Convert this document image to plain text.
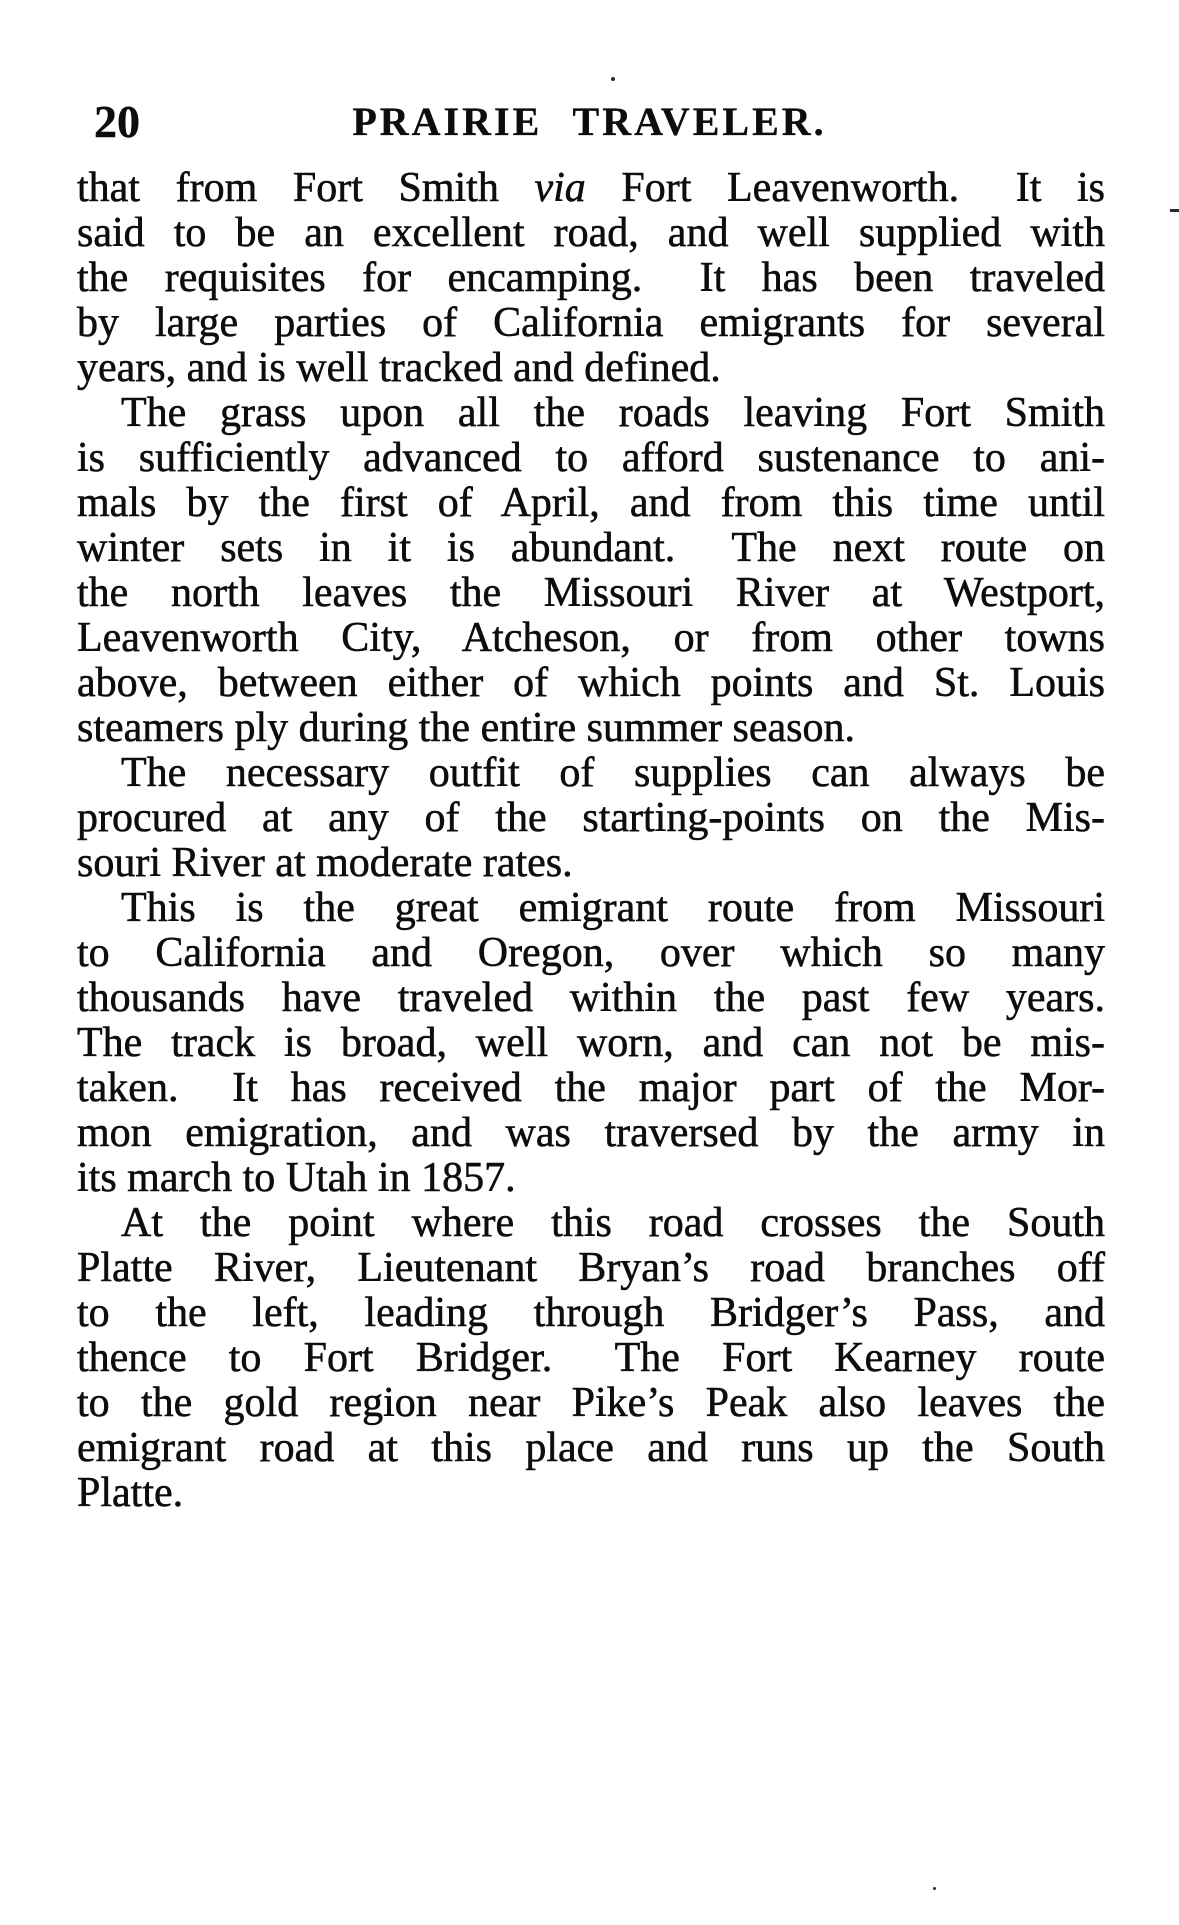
20	PRAIRIE TRAVELER.
that from Fort Smith via Fort Leavenworth.  It is
said to be an excellent road, and well supplied with
the requisites for encamping.  It has been traveled
by large parties of California emigrants for several
years, and is well tracked and defined.
The grass upon all the roads leaving Fort Smith
is sufficiently advanced to afford sustenance to ani-
mals by the first of April, and from this time until
winter sets in it is abundant.  The next route on
the north leaves the Missouri River at Westport,
Leavenworth City, Atcheson, or from other towns
above, between either of which points and St. Louis
steamers ply during the entire summer season.
The necessary outfit of supplies can always be
procured at any of the starting-points on the Mis-
souri River at moderate rates.
This is the great emigrant route from Missouri
to California and Oregon, over which so many
thousands have traveled within the past few years.
The track is broad, well worn, and can not be mis-
taken.  It has received the major part of the Mor-
mon emigration, and was traversed by the army in
its march to Utah in 1857.
At the point where this road crosses the South
Platte River, Lieutenant Bryan’s road branches off
to the left, leading through Bridger’s Pass, and
thence to Fort Bridger.  The Fort Kearney route
to the gold region near Pike’s Peak also leaves the
emigrant road at this place and runs up the South
Platte.
